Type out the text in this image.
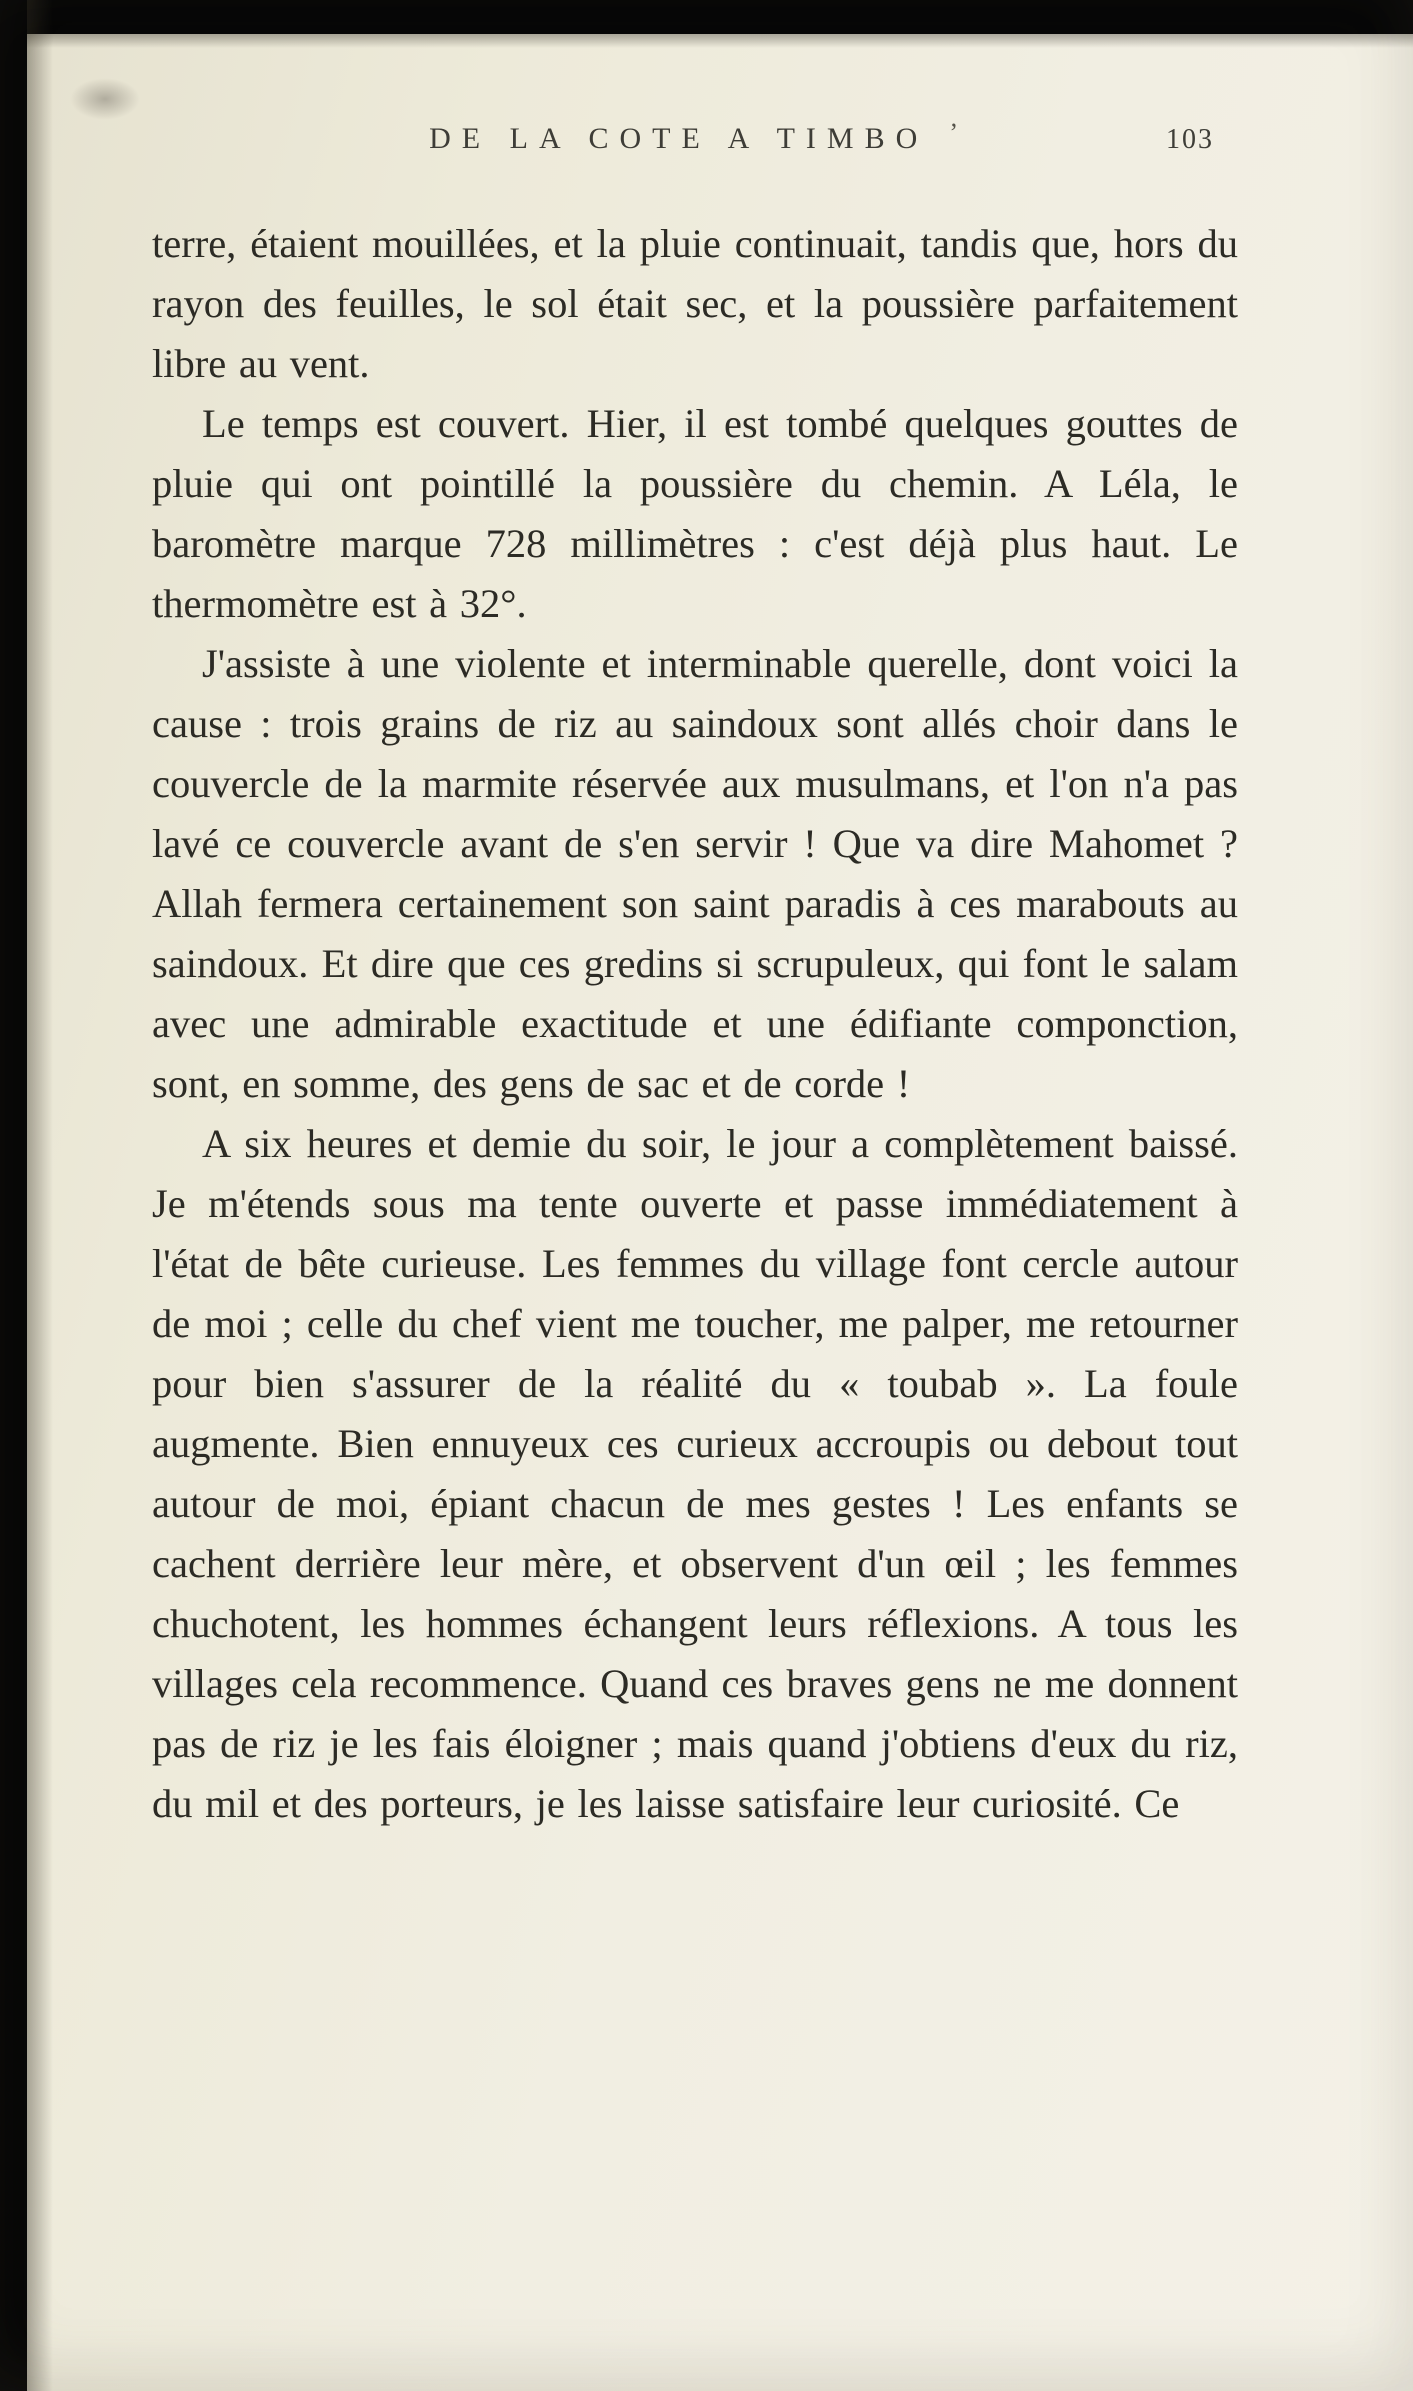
DE LA COTE A TIMBO ’	103

terre, étaient mouillées, et la pluie continuait, tandis que, hors du rayon des feuilles, le sol était sec, et la poussière parfaitement libre au vent.

Le temps est couvert. Hier, il est tombé quelques gouttes de pluie qui ont pointillé la poussière du chemin. A Léla, le baromètre marque 728 millimètres : c'est déjà plus haut. Le thermomètre est à 32°.

J'assiste à une violente et interminable querelle, dont voici la cause : trois grains de riz au saindoux sont allés choir dans le couvercle de la marmite réservée aux musulmans, et l'on n'a pas lavé ce couvercle avant de s'en servir ! Que va dire Mahomet ? Allah fermera certainement son saint paradis à ces marabouts au saindoux. Et dire que ces gredins si scrupuleux, qui font le salam avec une admirable exactitude et une édifiante componction, sont, en somme, des gens de sac et de corde !

A six heures et demie du soir, le jour a complètement baissé. Je m'étends sous ma tente ouverte et passe immédiatement à l'état de bête curieuse. Les femmes du village font cercle autour de moi ; celle du chef vient me toucher, me palper, me retourner pour bien s'assurer de la réalité du « toubab ». La foule augmente. Bien ennuyeux ces curieux accroupis ou debout tout autour de moi, épiant chacun de mes gestes ! Les enfants se cachent derrière leur mère, et observent d'un œil ; les femmes chuchotent, les hommes échangent leurs réflexions. A tous les villages cela recommence. Quand ces braves gens ne me donnent pas de riz je les fais éloigner ; mais quand j'obtiens d'eux du riz, du mil et des porteurs, je les laisse satisfaire leur curiosité. Ce
